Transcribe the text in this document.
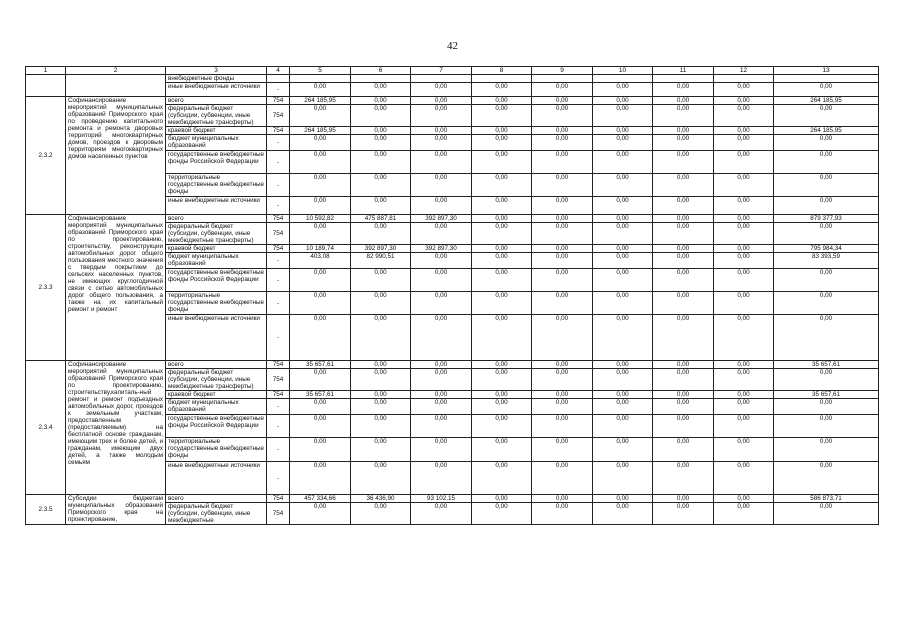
42
1	2	3	4	5	6	7	8	9	10	11	12	13
		внебюджетные фонды										
		иные внебюджетные источники	-	0,00	0,00	0,00	0,00	0,00	0,00	0,00	0,00	0,00
2.3.2	Софинансирование мероприятий муниципальных образований Приморского края по проведению капитального ремонта и ремонта дворовых территорий многоквартирных домов, проездов к дворовым территориям многоквартирных домов населенных пунктов	всего	754	264 185,95	0,00	0,00	0,00	0,00	0,00	0,00	0,00	264 185,95
		федеральный бюджет (субсидии, субвенции, иные межбюджетные трансферты)	754	0,00	0,00	0,00	0,00	0,00	0,00	0,00	0,00	0,00
		краевой бюджет	754	264 185,95	0,00	0,00	0,00	0,00	0,00	0,00	0,00	264 185,95
		бюджет муниципальных образований	-	0,00	0,00	0,00	0,00	0,00	0,00	0,00	0,00	0,00
		государственные внебюджетные фонды Российской Федерации	-	0,00	0,00	0,00	0,00	0,00	0,00	0,00	0,00	0,00
		территориальные государственные внебюджетные фонды	-	0,00	0,00	0,00	0,00	0,00	0,00	0,00	0,00	0,00
		иные внебюджетные источники	-	0,00	0,00	0,00	0,00	0,00	0,00	0,00	0,00	0,00
2.3.3	Софинансирование мероприятий муниципальных образований Приморского края по проектированию, строительству, реконструкции автомобильных дорог общего пользования местного значения с твердым покрытием до сельских населенных пунктов, не имеющих круглогодичной связи с сетью автомобильных дорог общего пользования, а также на их капитальный ремонт и ремонт	всего	754	10 592,82	475 887,81	392 897,30	0,00	0,00	0,00	0,00	0,00	879 377,93
		федеральный бюджет (субсидии, субвенции, иные межбюджетные трансферты)	754	0,00	0,00	0,00	0,00	0,00	0,00	0,00	0,00	0,00
		краевой бюджет	754	10 189,74	392 897,30	392 897,30	0,00	0,00	0,00	0,00	0,00	795 984,34
		бюджет муниципальных образований	-	403,08	82 990,51	0,00	0,00	0,00	0,00	0,00	0,00	83 393,59
		государственные внебюджетные фонды Российской Федерации	-	0,00	0,00	0,00	0,00	0,00	0,00	0,00	0,00	0,00
		территориальные государственные внебюджетные фонды	-	0,00	0,00	0,00	0,00	0,00	0,00	0,00	0,00	0,00
		иные внебюджетные источники	-	0,00	0,00	0,00	0,00	0,00	0,00	0,00	0,00	0,00
2.3.4	Софинансирование мероприятий муниципальных образований Приморского края по проектированию, строительству,капиталь-ный ремонт и ремонт подъездных автомобильных дорог, проездов к земельным участкам, предоставленным (предоставляемым) на бесплатной основе гражданам, имеющим трех и более детей, и гражданам, имеющим двух детей, а также молодым семьям	всего	754	35 657,61	0,00	0,00	0,00	0,00	0,00	0,00	0,00	35 657,61
		федеральный бюджет (субсидии, субвенции, иные межбюджетные трансферты)	754	0,00	0,00	0,00	0,00	0,00	0,00	0,00	0,00	0,00
		краевой бюджет	754	35 657,61	0,00	0,00	0,00	0,00	0,00	0,00	0,00	35 657,61
		бюджет муниципальных образований	-	0,00	0,00	0,00	0,00	0,00	0,00	0,00	0,00	0,00
		государственные внебюджетные фонды Российской Федерации	-	0,00	0,00	0,00	0,00	0,00	0,00	0,00	0,00	0,00
		территориальные государственные внебюджетные фонды	-	0,00	0,00	0,00	0,00	0,00	0,00	0,00	0,00	0,00
		иные внебюджетные источники	-	0,00	0,00	0,00	0,00	0,00	0,00	0,00	0,00	0,00
2.3.5	Субсидии бюджетам муниципальных образований Приморского края на проектирование,	всего	754	457 334,66	36 436,90	93 102,15	0,00	0,00	0,00	0,00	0,00	586 873,71
		федеральный бюджет (субсидии, субвенции, иные межбюджетные	754	0,00	0,00	0,00	0,00	0,00	0,00	0,00	0,00	0,00
